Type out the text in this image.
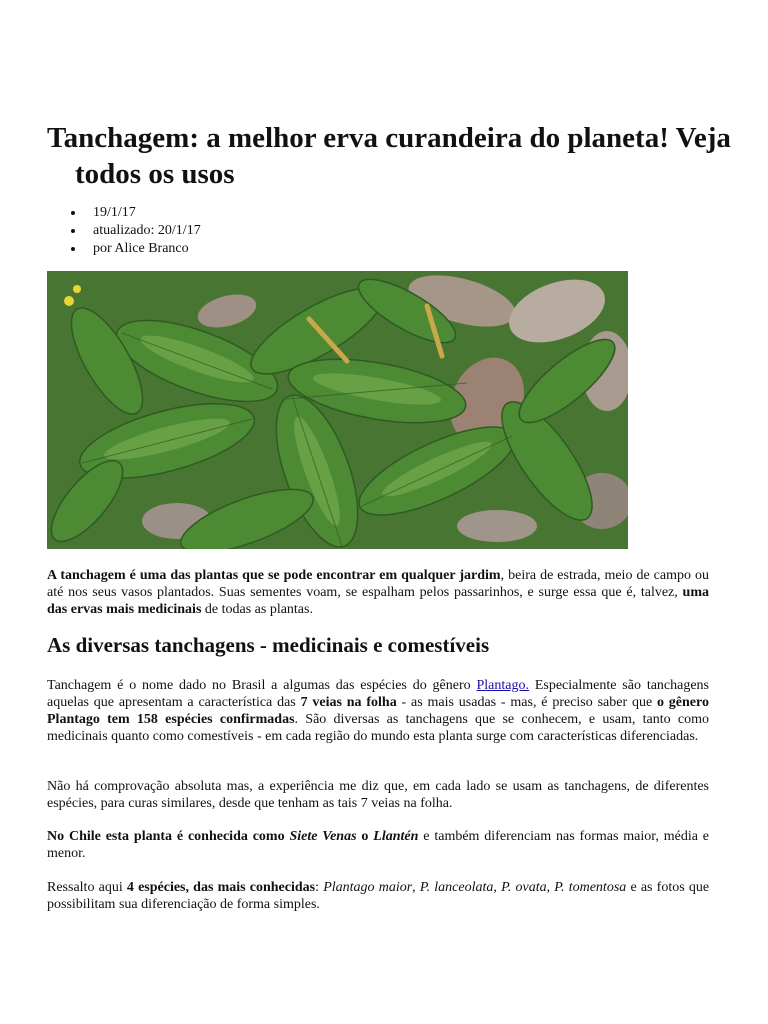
Tanchagem: a melhor erva curandeira do planeta! Veja todos os usos
19/1/17
atualizado: 20/1/17
por Alice Branco

A tanchagem é uma das plantas que se pode encontrar em qualquer jardim, beira de estrada, meio de campo ou até nos seus vasos plantados. Suas sementes voam, se espalham pelos passarinhos, e surge essa que é, talvez, uma das ervas mais medicinais de todas as plantas.

As diversas tanchagens - medicinais e comestíveis

Tanchagem é o nome dado no Brasil a algumas das espécies do gênero Plantago. Especialmente são tanchagens aquelas que apresentam a característica das 7 veias na folha - as mais usadas - mas, é preciso saber que o gênero Plantago tem 158 espécies confirmadas. São diversas as tanchagens que se conhecem, e usam, tanto como medicinais quanto como comestíveis - em cada região do mundo esta planta surge com características diferenciadas.

Não há comprovação absoluta mas, a experiência me diz que, em cada lado se usam as tanchagens, de diferentes espécies, para curas similares, desde que tenham as tais 7 veias na folha.

No Chile esta planta é conhecida como Siete Venas o Llantén e também diferenciam nas formas maior, média e menor.

Ressalto aqui 4 espécies, das mais conhecidas: Plantago maior, P. lanceolata, P. ovata, P. tomentosa e as fotos que possibilitam sua diferenciação de forma simples.
